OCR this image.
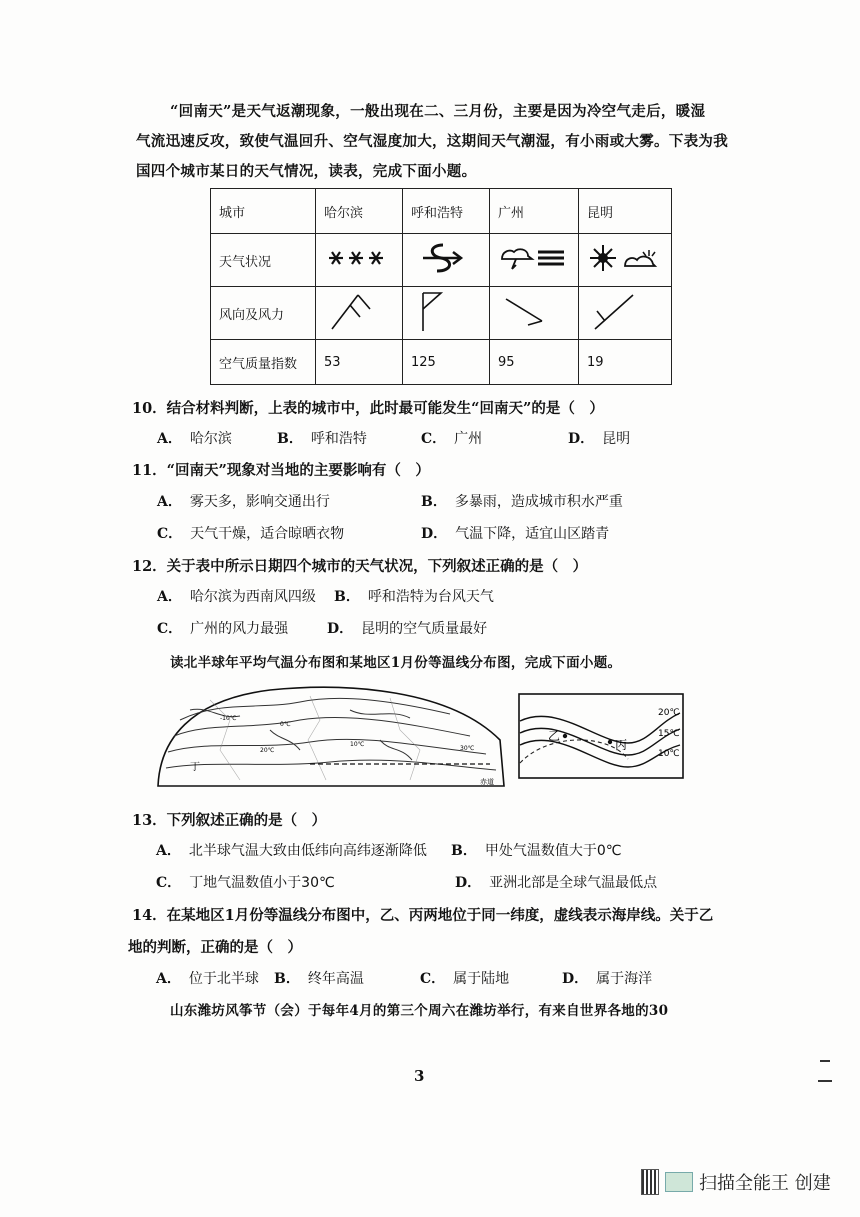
“回南天”是天气返潮现象，一般出现在二、三月份，主要是因为冷空气走后，暖湿
气流迅速反攻，致使气温回升、空气湿度加大，这期间天气潮湿，有小雨或大雾。下表为我
国四个城市某日的天气情况，读表，完成下面小题。
城市	哈尔滨	呼和浩特	广州	昆明
天气状况				
风向及风力				
空气质量指数	53	125	95	19
10．结合材料判断，上表的城市中，此时最可能发生“回南天”的是（　）
A． 哈尔滨	B． 呼和浩特	C． 广州	D． 昆明
11．“回南天”现象对当地的主要影响有（　）
A． 雾天多，影响交通出行	B． 多暴雨，造成城市积水严重
C． 天气干燥，适合晾晒衣物	D． 气温下降，适宜山区踏青
12．关于表中所示日期四个城市的天气状况，下列叙述正确的是（　）
A． 哈尔滨为西南风四级 B． 呼和浩特为台风天气
C． 广州的风力最强	D． 昆明的空气质量最好
读北半球年平均气温分布图和某地区1月份等温线分布图，完成下面小题。
丁
-10℃
0℃
10℃
20℃	30℃
赤道
乙
丙
20℃
15℃
10℃
13．下列叙述正确的是（　）
A． 北半球气温大致由低纬向高纬逐渐降低 B． 甲处气温数值大于0℃
C． 丁地气温数值小于30℃	D． 亚洲北部是全球气温最低点
14．在某地区1月份等温线分布图中，乙、丙两地位于同一纬度，虚线表示海岸线。关于乙
地的判断，正确的是（　）
A． 位于北半球 B． 终年高温	C． 属于陆地	D． 属于海洋
山东潍坊风筝节（会）于每年4月的第三个周六在潍坊举行，有来自世界各地的30
3
扫描全能王 创建
